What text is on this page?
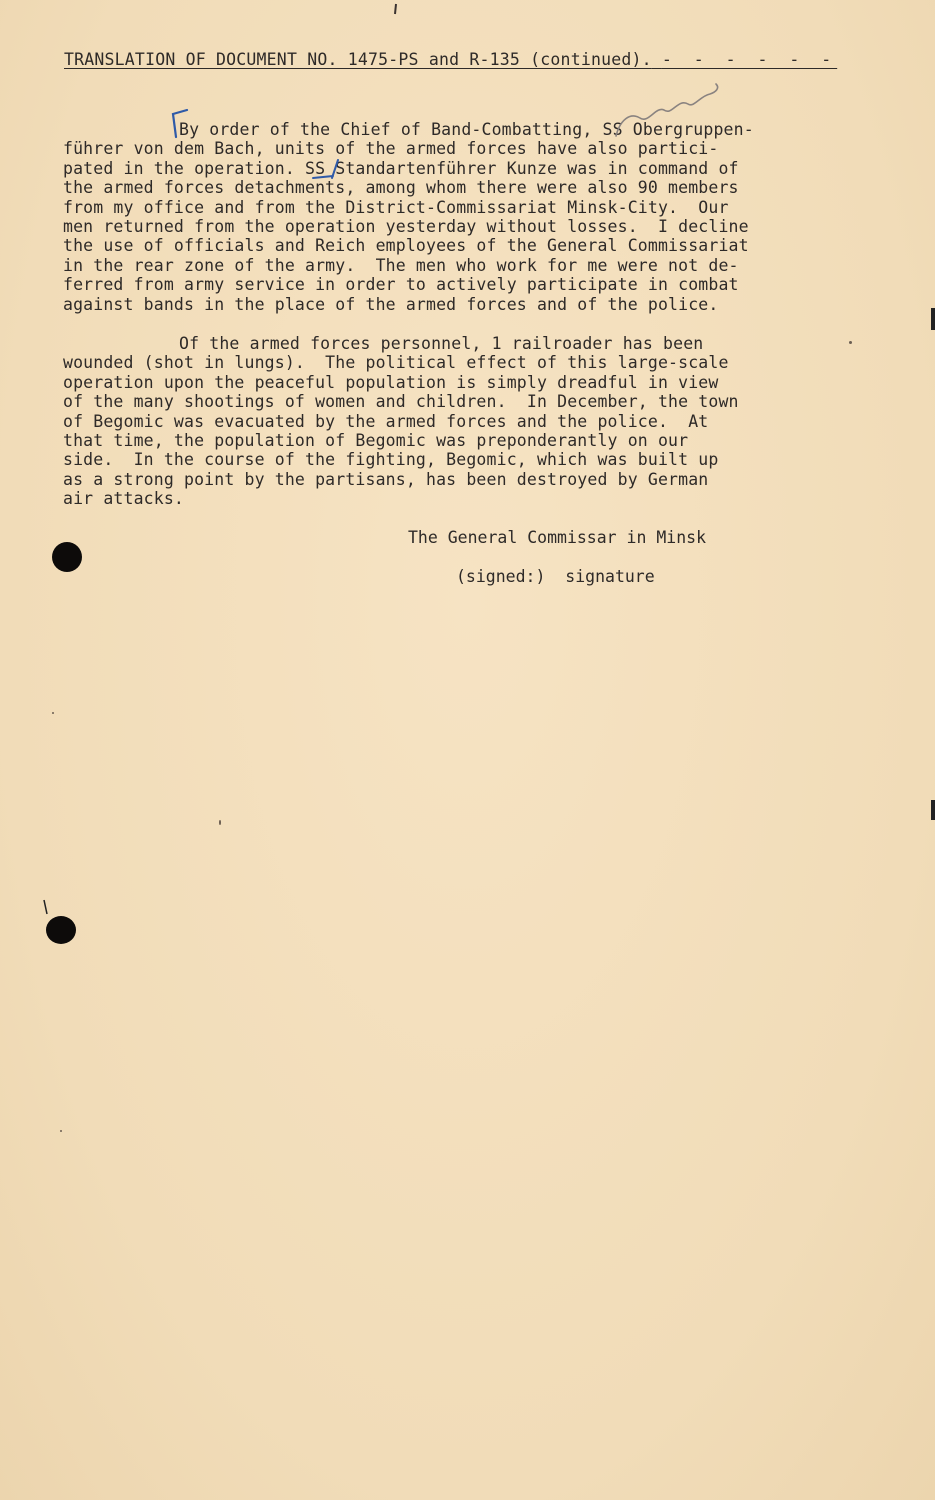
TRANSLATION OF DOCUMENT NO. 1475-PS and R-135 (continued). - - - - - -
By order of the Chief of Band-Combatting, SS Obergruppen-
führer von dem Bach, units of the armed forces have also partici-
pated in the operation. SS Standartenführer Kunze was in command of
the armed forces detachments, among whom there were also 90 members
from my office and from the District-Commissariat Minsk-City.  Our
men returned from the operation yesterday without losses.  I decline
the use of officials and Reich employees of the General Commissariat
in the rear zone of the army.  The men who work for me were not de-
ferred from army service in order to actively participate in combat
against bands in the place of the armed forces and of the police.
Of the armed forces personnel, 1 railroader has been
wounded (shot in lungs).  The political effect of this large-scale
operation upon the peaceful population is simply dreadful in view
of the many shootings of women and children.  In December, the town
of Begomic was evacuated by the armed forces and the police.  At
that time, the population of Begomic was preponderantly on our
side.  In the course of the fighting, Begomic, which was built up
as a strong point by the partisans, has been destroyed by German
air attacks.
The General Commissar in Minsk
(signed:)  signature
